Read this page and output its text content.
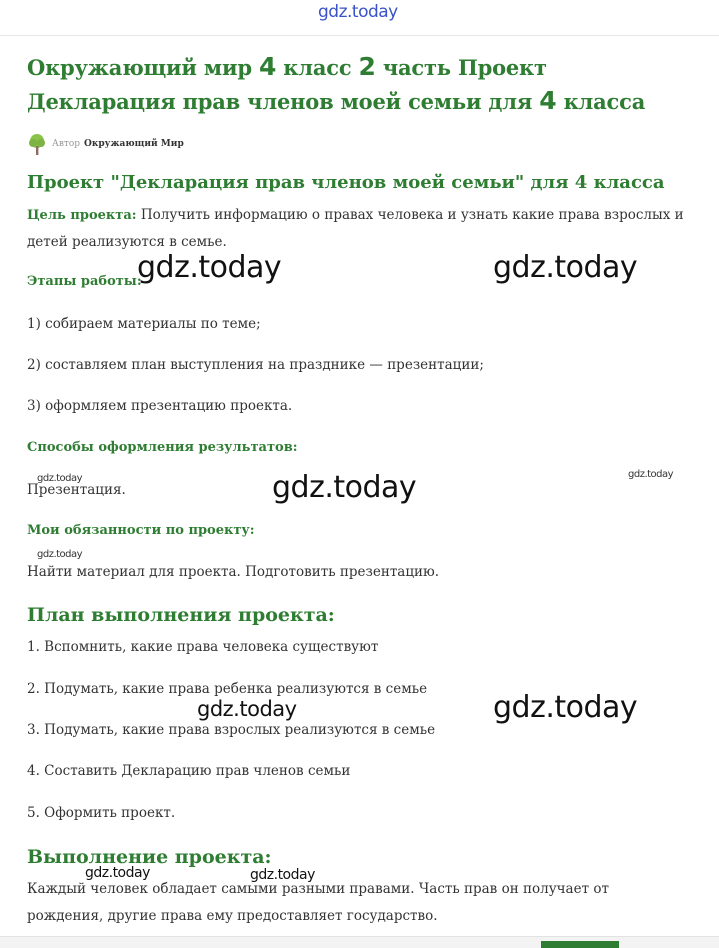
gdz.today
Окружающий мир 4 класс 2 часть Проект
Декларация прав членов моей семьи для 4 класса
Автор Окружающий Мир
Проект "Декларация прав членов моей семьи" для 4 класса

Цель проекта: Получить информацию о правах человека и узнать какие права взрослых и детей реализуются в семье.

Этапы работы:

1) собираем материалы по теме;

2) составляем план выступления на празднике — презентации;

3) оформляем презентацию проекта.

Способы оформления результатов:

Презентация.

Мои обязанности по проекту:

Найти материал для проекта. Подготовить презентацию.

План выполнения проекта:

1. Вспомнить, какие права человека существуют

2. Подумать, какие права ребенка реализуются в семье

3. Подумать, какие права взрослых реализуются в семье

4. Составить Декларацию прав членов семьи

5. Оформить проект.

Выполнение проекта:

Каждый человек обладает самыми разными правами. Часть прав он получает от рождения, другие права ему предоставляет государство.

gdz.today	gdz.today
gdz.today	gdz.today
gdz.today
gdz.today
gdz.today	gdz.today
gdz.today	gdz.today
